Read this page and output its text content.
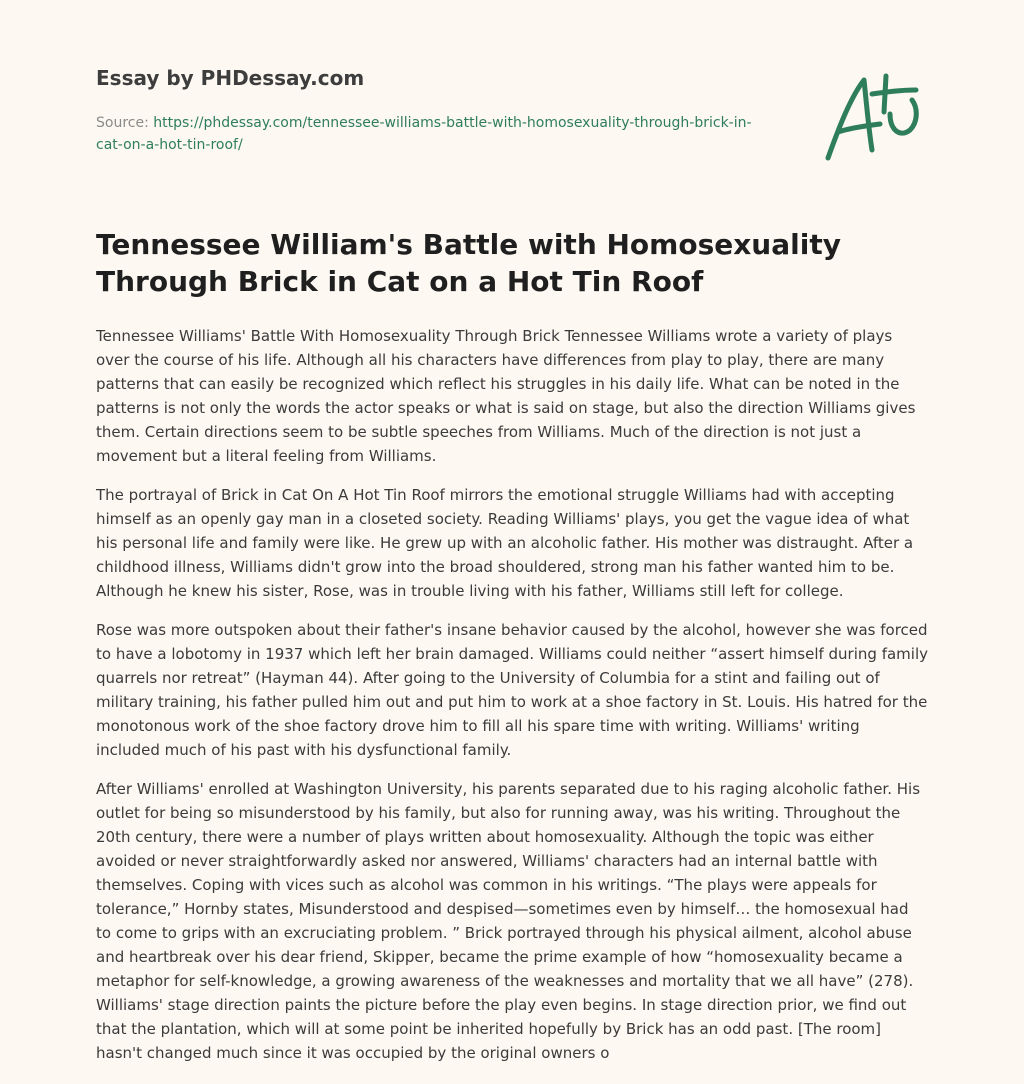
Essay by PHDessay.com
Source: https://phdessay.com/tennessee-williams-battle-with-homosexuality-through-brick-in-cat-on-a-hot-tin-roof/
Tennessee William's Battle with Homosexuality Through Brick in Cat on a Hot Tin Roof

Tennessee Williams' Battle With Homosexuality Through Brick Tennessee Williams wrote a variety of plays over the course of his life. Although all his characters have differences from play to play, there are many patterns that can easily be recognized which reflect his struggles in his daily life. What can be noted in the patterns is not only the words the actor speaks or what is said on stage, but also the direction Williams gives them. Certain directions seem to be subtle speeches from Williams. Much of the direction is not just a movement but a literal feeling from Williams.

The portrayal of Brick in Cat On A Hot Tin Roof mirrors the emotional struggle Williams had with accepting himself as an openly gay man in a closeted society. Reading Williams' plays, you get the vague idea of what his personal life and family were like. He grew up with an alcoholic father. His mother was distraught. After a childhood illness, Williams didn't grow into the broad shouldered, strong man his father wanted him to be. Although he knew his sister, Rose, was in trouble living with his father, Williams still left for college.

Rose was more outspoken about their father's insane behavior caused by the alcohol, however she was forced to have a lobotomy in 1937 which left her brain damaged. Williams could neither “assert himself during family quarrels nor retreat” (Hayman 44). After going to the University of Columbia for a stint and failing out of military training, his father pulled him out and put him to work at a shoe factory in St. Louis. His hatred for the monotonous work of the shoe factory drove him to fill all his spare time with writing. Williams' writing included much of his past with his dysfunctional family.

After Williams' enrolled at Washington University, his parents separated due to his raging alcoholic father. His outlet for being so misunderstood by his family, but also for running away, was his writing. Throughout the 20th century, there were a number of plays written about homosexuality. Although the topic was either avoided or never straightforwardly asked nor answered, Williams' characters had an internal battle with themselves. Coping with vices such as alcohol was common in his writings. “The plays were appeals for tolerance,” Hornby states, Misunderstood and despised—sometimes even by himself… the homosexual had to come to grips with an excruciating problem. ” Brick portrayed through his physical ailment, alcohol abuse and heartbreak over his dear friend, Skipper, became the prime example of how “homosexuality became a metaphor for self-knowledge, a growing awareness of the weaknesses and mortality that we all have” (278). Williams' stage direction paints the picture before the play even begins. In stage direction prior, we find out that the plantation, which will at some point be inherited hopefully by Brick has an odd past. [The room] hasn't changed much since it was occupied by the original owners o
